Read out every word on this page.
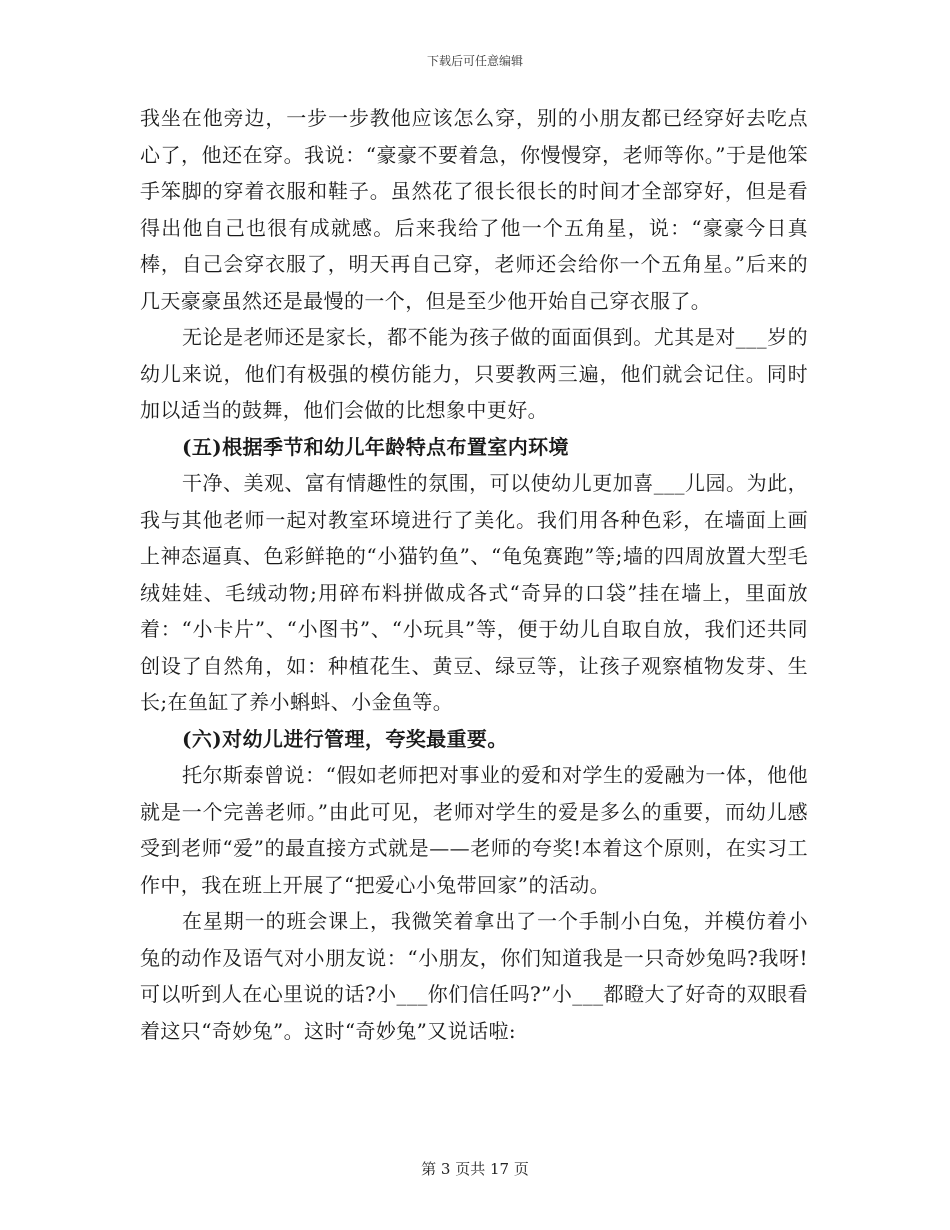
下载后可任意编辑

我坐在他旁边，一步一步教他应该怎么穿，别的小朋友都已经穿好去吃点心了，他还在穿。我说：“豪豪不要着急，你慢慢穿，老师等你。”于是他笨手笨脚的穿着衣服和鞋子。虽然花了很长很长的时间才全部穿好，但是看得出他自己也很有成就感。后来我给了他一个五角星，说：“豪豪今日真棒，自己会穿衣服了，明天再自己穿，老师还会给你一个五角星。”后来的几天豪豪虽然还是最慢的一个，但是至少他开始自己穿衣服了。

无论是老师还是家长，都不能为孩子做的面面俱到。尤其是对___岁的幼儿来说，他们有极强的模仿能力，只要教两三遍，他们就会记住。同时加以适当的鼓舞，他们会做的比想象中更好。

(五)根据季节和幼儿年龄特点布置室内环境

干净、美观、富有情趣性的氛围，可以使幼儿更加喜___儿园。为此，我与其他老师一起对教室环境进行了美化。我们用各种色彩，在墙面上画上神态逼真、色彩鲜艳的“小猫钓鱼”、“龟兔赛跑”等;墙的四周放置大型毛绒娃娃、毛绒动物;用碎布料拼做成各式“奇异的口袋”挂在墙上，里面放着：“小卡片”、“小图书”、“小玩具”等，便于幼儿自取自放，我们还共同创设了自然角，如：种植花生、黄豆、绿豆等，让孩子观察植物发芽、生长;在鱼缸了养小蝌蚪、小金鱼等。

(六)对幼儿进行管理，夸奖最重要。

托尔斯泰曾说：“假如老师把对事业的爱和对学生的爱融为一体，他他就是一个完善老师。”由此可见，老师对学生的爱是多么的重要，而幼儿感受到老师“爱”的最直接方式就是——老师的夸奖!本着这个原则，在实习工作中，我在班上开展了“把爱心小兔带回家”的活动。

在星期一的班会课上，我微笑着拿出了一个手制小白兔，并模仿着小兔的动作及语气对小朋友说：“小朋友，你们知道我是一只奇妙兔吗?我呀!可以听到人在心里说的话?小___你们信任吗?”小___都瞪大了好奇的双眼看着这只“奇妙兔”。这时“奇妙兔”又说话啦:

第 3 页共 17 页
